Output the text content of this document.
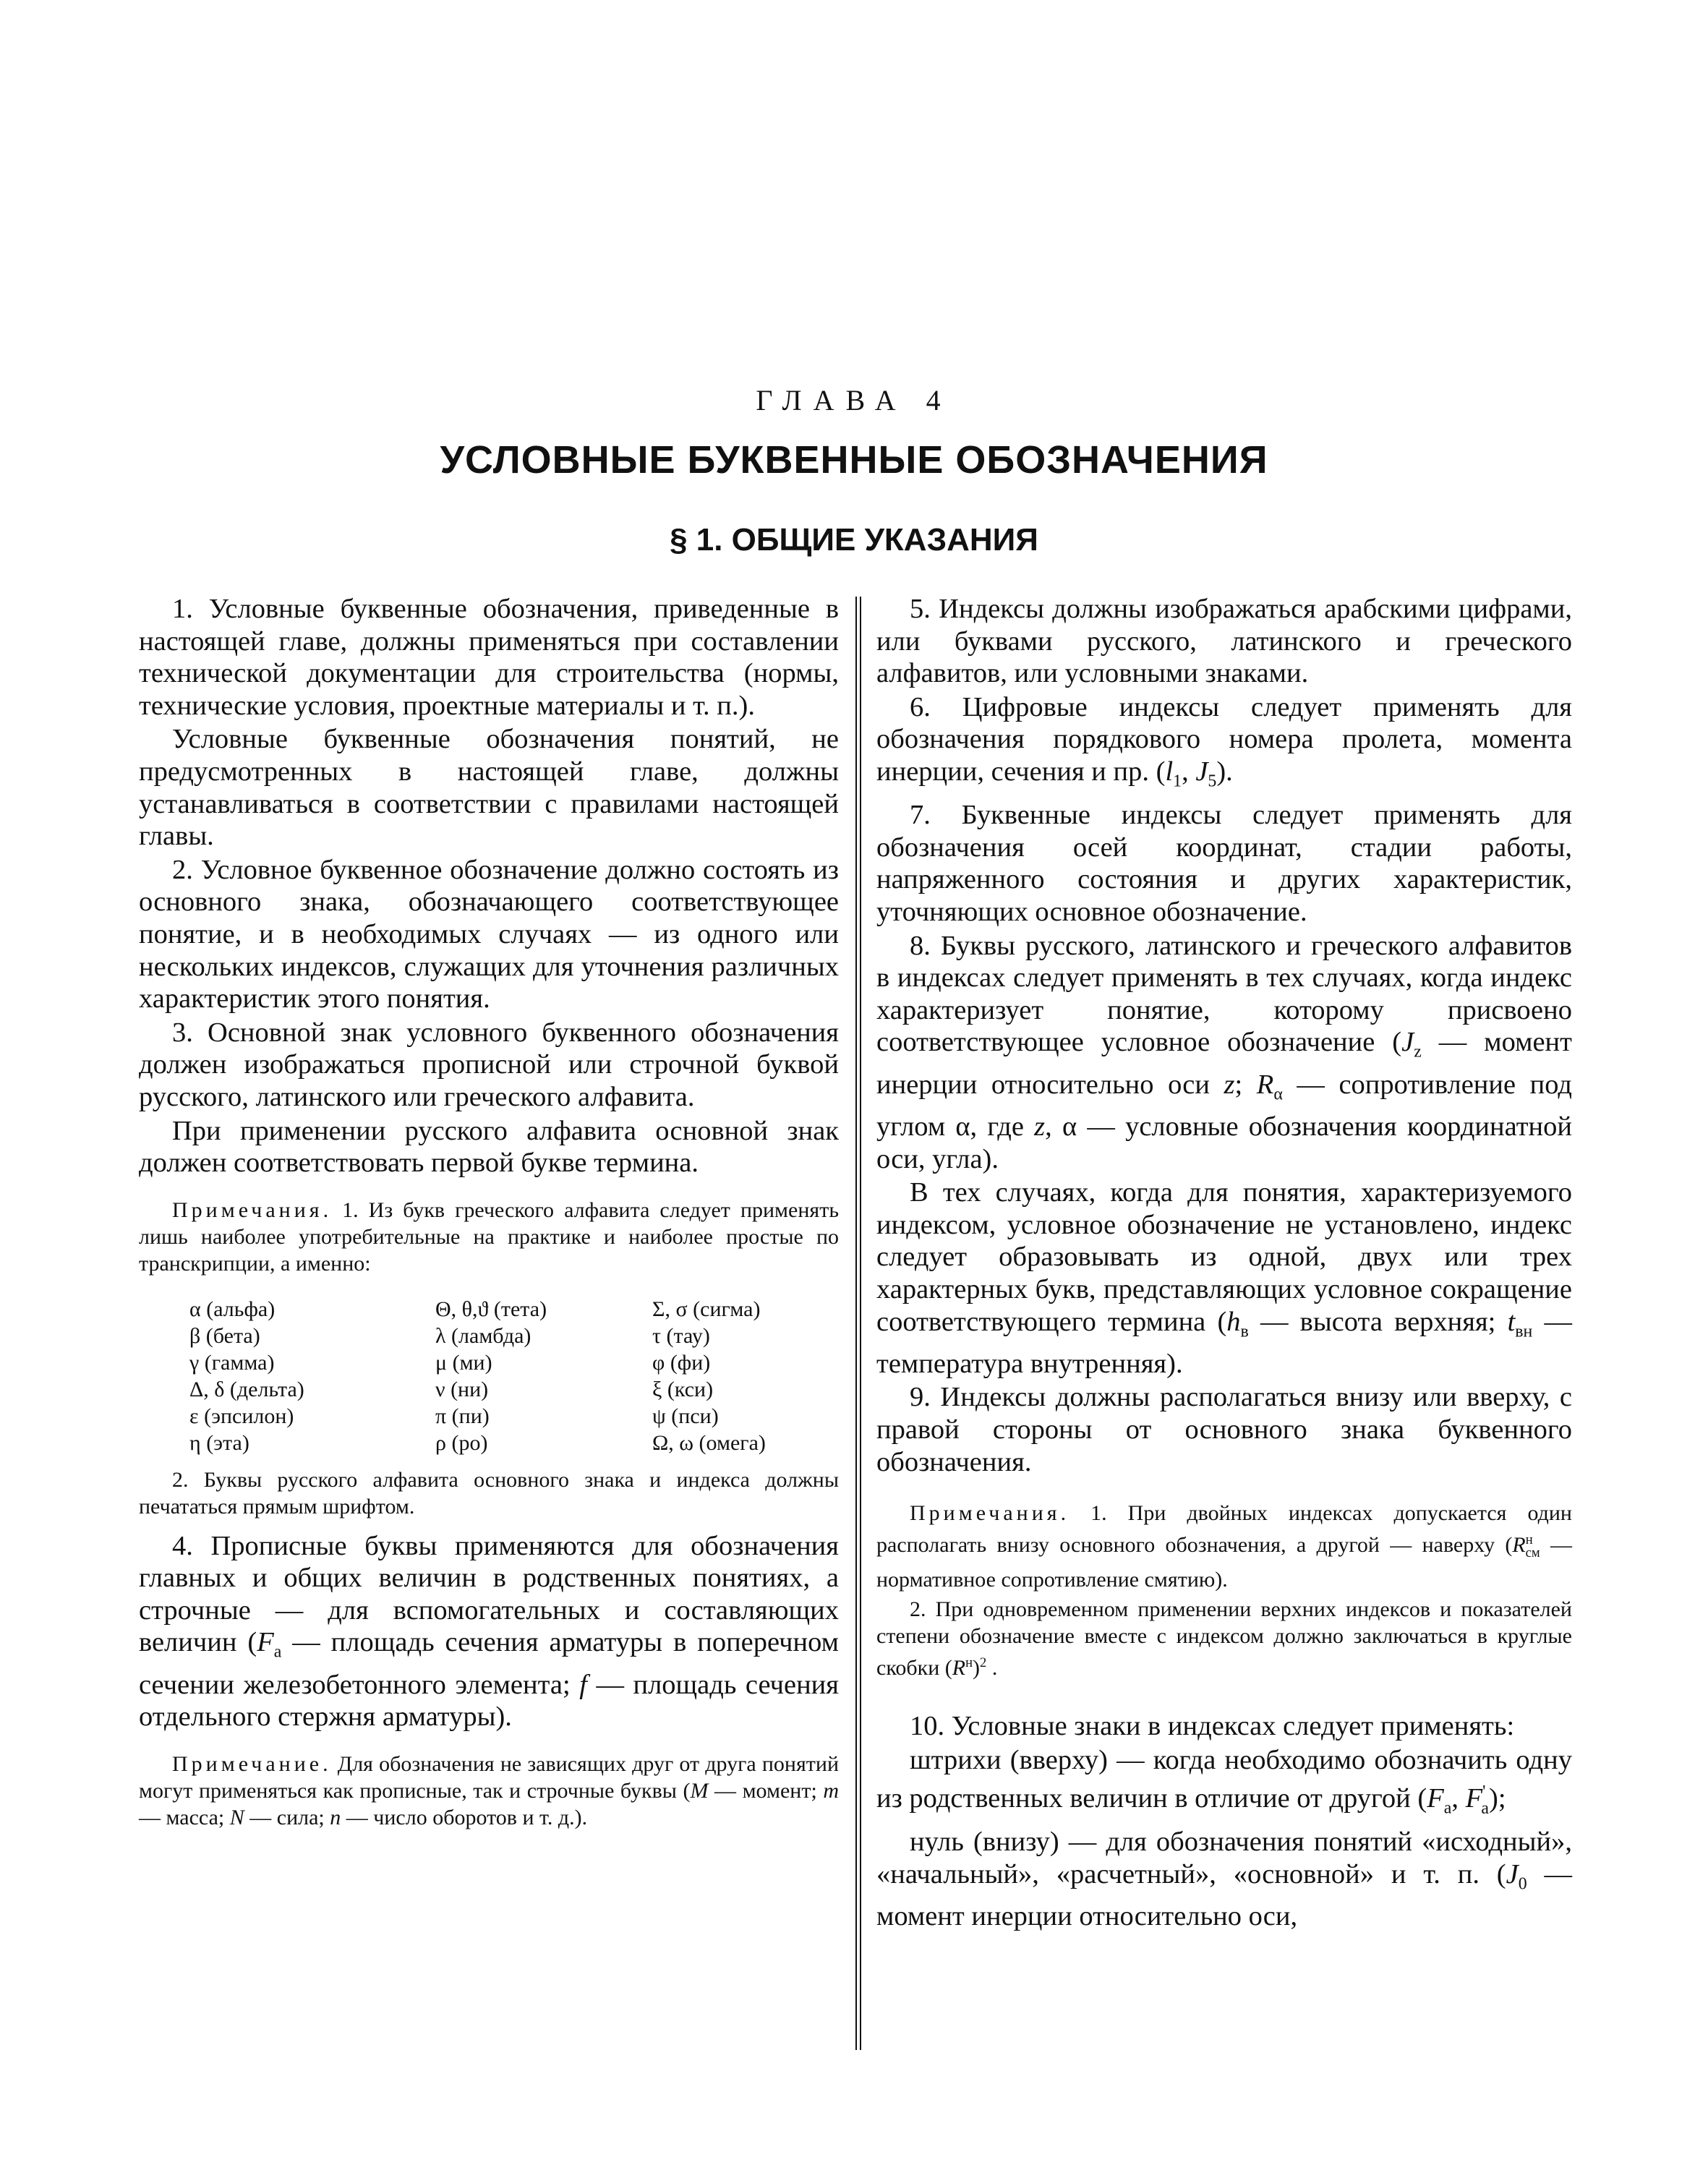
ГЛАВА 4
УСЛОВНЫЕ БУКВЕННЫЕ ОБОЗНАЧЕНИЯ
§ 1. ОБЩИЕ УКАЗАНИЯ

1. Условные буквенные обозначения, приведенные в настоящей главе, должны применяться при составлении технической документации для строительства (нормы, технические условия, проектные материалы и т. п.).

Условные буквенные обозначения понятий, не предусмотренных в настоящей главе, должны устанавливаться в соответствии с правилами настоящей главы.

2. Условное буквенное обозначение должно состоять из основного знака, обозначающего соответствующее понятие, и в необходимых случаях — из одного или нескольких индексов, служащих для уточнения различных характеристик этого понятия.

3. Основной знак условного буквенного обозначения должен изображаться прописной или строчной буквой русского, латинского или греческого алфавита.

При применении русского алфавита основной знак должен соответствовать первой букве термина.

Примечания. 1. Из букв греческого алфавита следует применять лишь наиболее употребительные на практике и наиболее простые по транскрипции, а именно:

α (альфа)	Θ, θ,ϑ (тета)	Σ, σ (сигма)
β (бета)	λ (ламбда)	τ (тау)
γ (гамма)	μ (ми)	φ (фи)
Δ, δ (дельта)	ν (ни)	ξ (кси)
ε (эпсилон)	π (пи)	ψ (пси)
η (эта)	ρ (ро)	Ω, ω (омега)

2. Буквы русского алфавита основного знака и индекса должны печататься прямым шрифтом.

4. Прописные буквы применяются для обозначения главных и общих величин в родственных понятиях, а строчные — для вспомогательных и составляющих величин ($F_a$ — площадь сечения арматуры в поперечном сечении железобетонного элемента; f — площадь сечения отдельного стержня арматуры).

Примечание. Для обозначения не зависящих друг от друга понятий могут применяться как прописные, так и строчные буквы (M — момент; m — масса; N — сила; n — число оборотов и т. д.).

5. Индексы должны изображаться арабскими цифрами, или буквами русского, латинского и греческого алфавитов, или условными знаками.

6. Цифровые индексы следует применять для обозначения порядкового номера пролета, момента инерции, сечения и пр. ($l_1$, $J_5$).

7. Буквенные индексы следует применять для обозначения осей координат, стадии работы, напряженного состояния и других характеристик, уточняющих основное обозначение.

8. Буквы русского, латинского и греческого алфавитов в индексах следует применять в тех случаях, когда индекс характеризует понятие, которому присвоено соответствующее условное обозначение ($J_z$ — момент инерции относительно оси z; $R_\alpha$ — сопротивление под углом α, где z, α — условные обозначения координатной оси, угла).

В тех случаях, когда для понятия, характеризуемого индексом, условное обозначение не установлено, индекс следует образовывать из одной, двух или трех характерных букв, представляющих условное сокращение соответствующего термина ($h_в$ — высота верхняя; $t_{вн}$ — температура внутренняя).

9. Индексы должны располагаться внизу или вверху, с правой стороны от основного знака буквенного обозначения.

Примечания. 1. При двойных индексах допускается один располагать внизу основного обозначения, а другой — наверху ($R^н_{см}$ — нормативное сопротивление смятию).

2. При одновременном применении верхних индексов и показателей степени обозначение вместе с индексом должно заключаться в круглые скобки $(R^н)^2$ .

10. Условные знаки в индексах следует применять:

штрихи (вверху) — когда необходимо обозначить одну из родственных величин в отличие от другой ($F_a$, $F'_a$);

нуль (внизу) — для обозначения понятий «исходный», «начальный», «расчетный», «основной» и т. п. ($J_0$ — момент инерции относительно оси,
